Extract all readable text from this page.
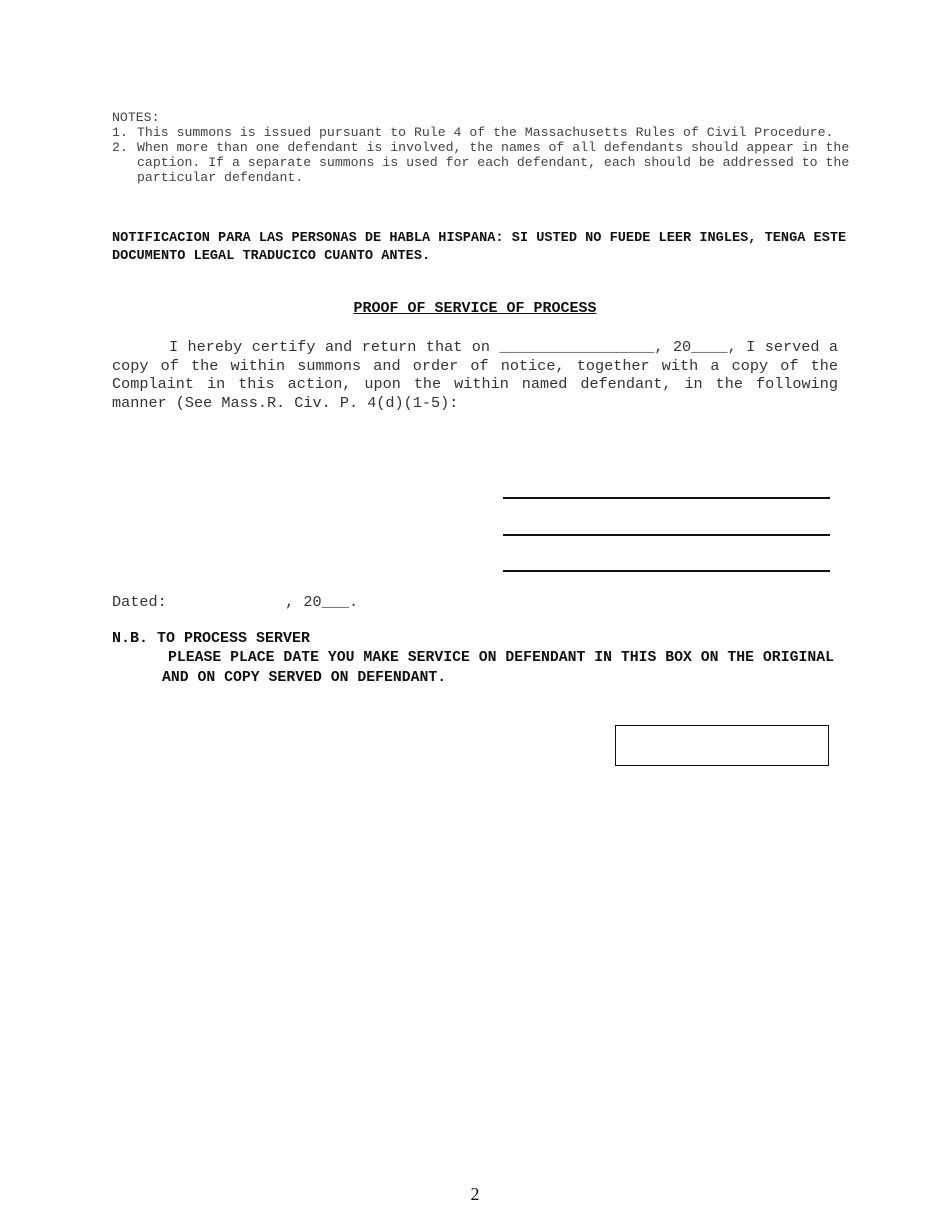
NOTES:
1. This summons is issued pursuant to Rule 4 of the Massachusetts Rules of Civil Procedure.
2. When more than one defendant is involved, the names of all defendants should appear in the caption. If a separate summons is used for each defendant, each should be addressed to the particular defendant.
NOTIFICACION PARA LAS PERSONAS DE HABLA HISPANA: SI USTED NO FUEDE LEER INGLES, TENGA ESTE DOCUMENTO LEGAL TRADUCICO CUANTO ANTES.
PROOF OF SERVICE OF PROCESS
I hereby certify and return that on _________________, 20____, I served a copy of the within summons and order of notice, together with a copy of the Complaint in this action, upon the within named defendant, in the following manner (See Mass.R. Civ. P. 4(d)(1-5):
Dated:             , 20___.
N.B. TO PROCESS SERVER
PLEASE PLACE DATE YOU MAKE SERVICE ON DEFENDANT IN THIS BOX ON THE ORIGINAL AND ON COPY SERVED ON DEFENDANT.
2
